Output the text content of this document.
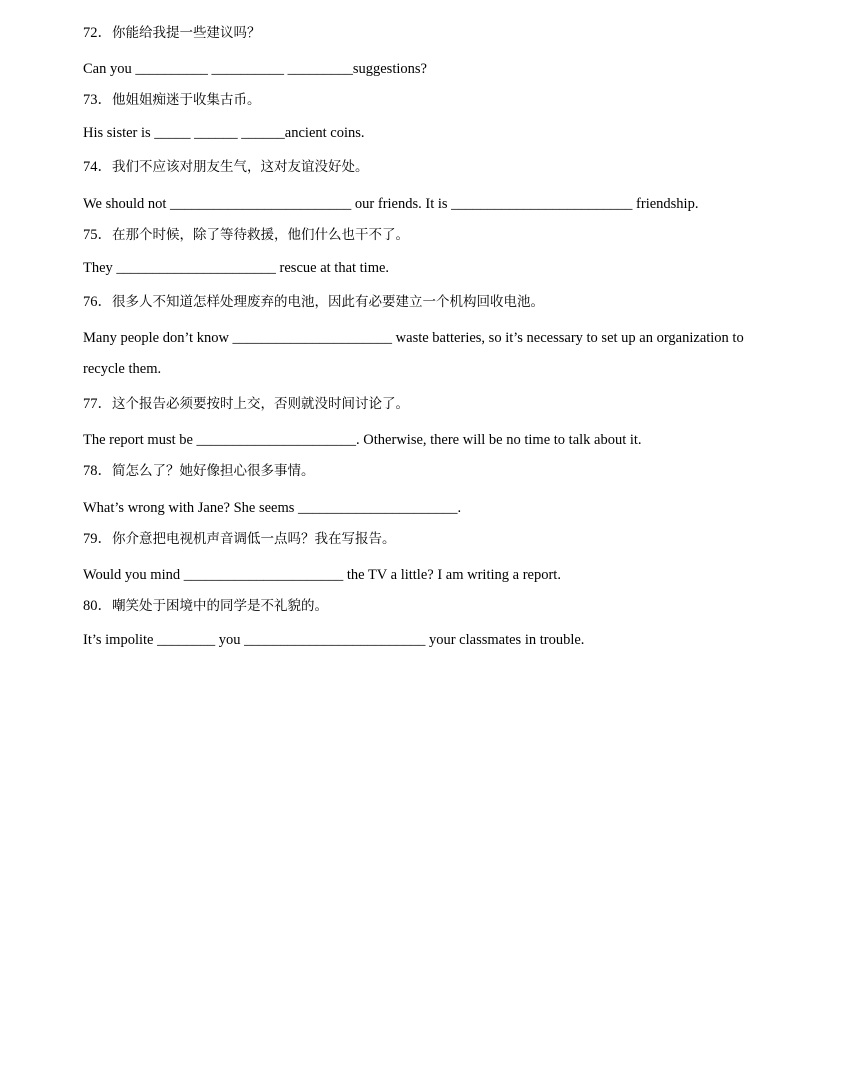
72．你能给我提一些建议吗？
Can you __________ __________ _________suggestions?
73．他姐姐痴迷于收集古币。
His sister is _____ ______ ______ancient coins.
74．我们不应该对朋友生气，这对友谊没好处。
We should not _________________________ our friends. It is _________________________ friendship.
75．在那个时候，除了等待救援，他们什么也干不了。
They ______________________ rescue at that time.
76．很多人不知道怎样处理废弃的电池，因此有必要建立一个机构回收电池。
Many people don’t know ______________________ waste batteries, so it’s necessary to set up an organization to recycle them.
77．这个报告必须要按时上交，否则就没时间讨论了。
The report must be ______________________. Otherwise, there will be no time to talk about it.
78．简怎么了？她好像担心很多事情。
What’s wrong with Jane? She seems ______________________.
79．你介意把电视机声音调低一点吗？我在写报告。
Would you mind ______________________ the TV a little? I am writing a report.
80．嘲笑处于困境中的同学是不礼貌的。
It’s impolite ________ you _________________________ your classmates in trouble.
